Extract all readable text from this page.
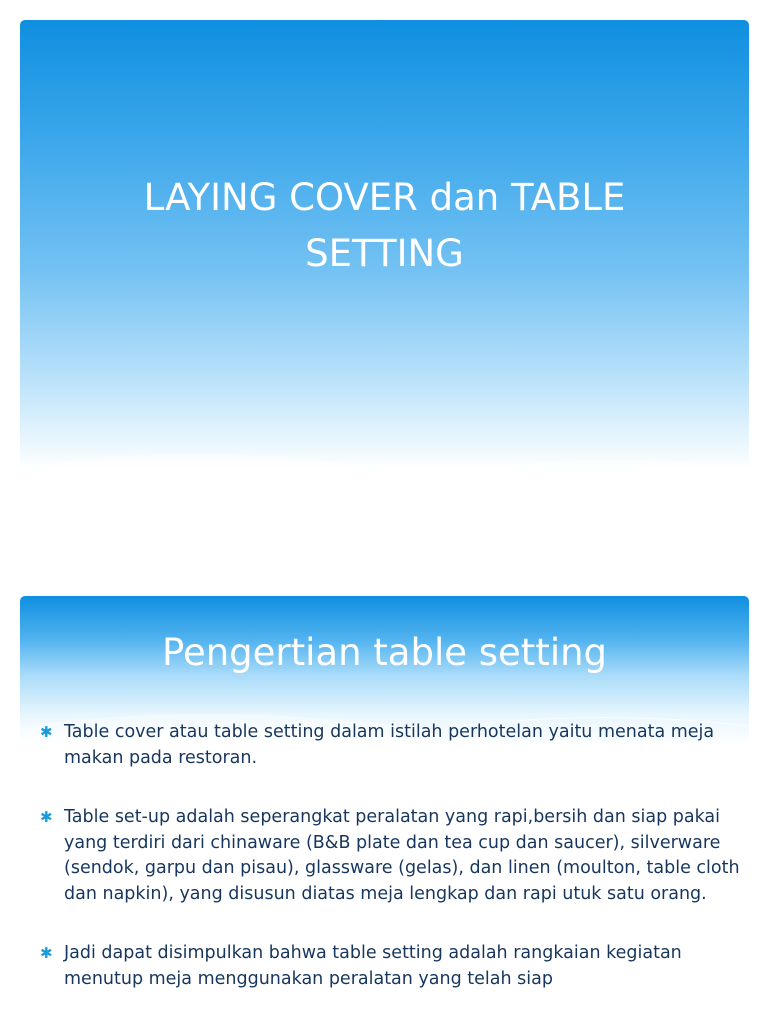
LAYING COVER dan TABLE
SETTING
Pengertian table setting
✱ Table cover atau table setting dalam istilah perhotelan yaitu menata meja makan pada restoran.
✱ Table set-up adalah seperangkat peralatan yang rapi,bersih dan siap pakai yang terdiri dari chinaware (B&B plate dan tea cup dan saucer), silverware (sendok, garpu dan pisau), glassware (gelas), dan linen (moulton, table cloth dan napkin), yang disusun diatas meja lengkap dan rapi utuk satu orang.
✱ Jadi dapat disimpulkan bahwa table setting adalah rangkaian kegiatan menutup meja menggunakan peralatan yang telah siap
